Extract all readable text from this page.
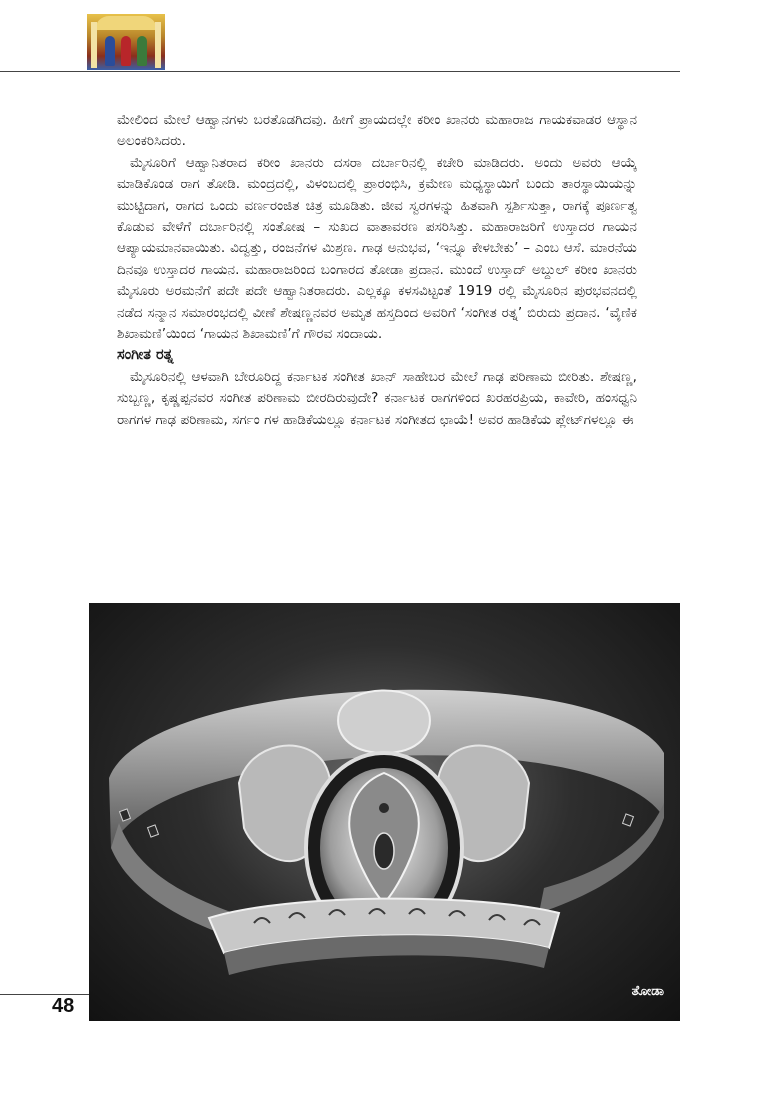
ಮೇಲಿಂದ ಮೇಲೆ ಆಹ್ವಾನಗಳು ಬರತೊಡಗಿದವು. ಹೀಗೆ ಪ್ರಾಯದಲ್ಲೇ ಕರೀಂ ಖಾನರು ಮಹಾರಾಜ ಗಾಯಕವಾಡರ ಆಸ್ಥಾನ ಅಲಂಕರಿಸಿದರು.

ಮೈಸೂರಿಗೆ ಆಹ್ವಾನಿತರಾದ ಕರೀಂ ಖಾನರು ದಸರಾ ದರ್ಬಾರಿನಲ್ಲಿ ಕಚೇರಿ ಮಾಡಿದರು. ಅಂದು ಅವರು ಆಯ್ಕೆ ಮಾಡಿಕೊಂಡ ರಾಗ ತೋಡಿ. ಮಂದ್ರದಲ್ಲಿ, ವಿಳಂಬದಲ್ಲಿ ಪ್ರಾರಂಭಿಸಿ, ಕ್ರಮೇಣ ಮಧ್ಯಸ್ಥಾಯಿಗೆ ಬಂದು ತಾರಸ್ಥಾಯಿಯನ್ನು ಮುಟ್ಟಿದಾಗ, ರಾಗದ ಒಂದು ವರ್ಣರಂಜಿತ ಚಿತ್ರ ಮೂಡಿತು. ಜೀವ ಸ್ವರಗಳನ್ನು ಹಿತವಾಗಿ ಸ್ಪರ್ಶಿಸುತ್ತಾ, ರಾಗಕ್ಕೆ ಪೂರ್ಣತ್ವ ಕೊಡುವ ವೇಳೆಗೆ ದರ್ಬಾರಿನಲ್ಲಿ ಸಂತೋಷ – ಸುಖದ ವಾತಾವರಣ ಪಸರಿಸಿತ್ತು. ಮಹಾರಾಜರಿಗೆ ಉಸ್ತಾದರ ಗಾಯನ ಆಪ್ಯಾಯಮಾನವಾಯಿತು. ವಿದ್ವತ್ತು, ರಂಜನೆಗಳ ಮಿಶ್ರಣ. ಗಾಢ ಅನುಭವ, ‘ಇನ್ನೂ ಕೇಳಬೇಕು’ – ಎಂಬ ಆಸೆ. ಮಾರನೆಯ ದಿನವೂ ಉಸ್ತಾದರ ಗಾಯನ. ಮಹಾರಾಜರಿಂದ ಬಂಗಾರದ ತೋಡಾ ಪ್ರದಾನ. ಮುಂದೆ ಉಸ್ತಾದ್ ಅಬ್ದುಲ್ ಕರೀಂ ಖಾನರು ಮೈಸೂರು ಅರಮನೆಗೆ ಪದೇ ಪದೇ ಆಹ್ವಾನಿತರಾದರು. ಎಲ್ಲಕ್ಕೂ ಕಳಸವಿಟ್ಟಂತೆ 1919 ರಲ್ಲಿ ಮೈಸೂರಿನ ಪುರಭವನದಲ್ಲಿ ನಡೆದ ಸನ್ಮಾನ ಸಮಾರಂಭದಲ್ಲಿ ವೀಣೆ ಶೇಷಣ್ಣನವರ ಅಮೃತ ಹಸ್ತದಿಂದ ಅವರಿಗೆ ‘ಸಂಗೀತ ರತ್ನ’ ಬಿರುದು ಪ್ರದಾನ. ‘ವೈಣಿಕ ಶಿಖಾಮಣಿ’ಯಿಂದ ‘ಗಾಯನ ಶಿಖಾಮಣಿ’ಗೆ ಗೌರವ ಸಂದಾಯ.

ಸಂಗೀತ ರತ್ನ

ಮೈಸೂರಿನಲ್ಲಿ ಆಳವಾಗಿ ಬೇರೂರಿದ್ದ ಕರ್ನಾಟಕ ಸಂಗೀತ ಖಾನ್ ಸಾಹೇಬರ ಮೇಲೆ ಗಾಢ ಪರಿಣಾಮ ಬೀರಿತು. ಶೇಷಣ್ಣ, ಸುಬ್ಬಣ್ಣ, ಕೃಷ್ಣಪ್ಪನವರ ಸಂಗೀತ ಪರಿಣಾಮ ಬೀರದಿರುವುದೇ? ಕರ್ನಾಟಕ ರಾಗಗಳಿಂದ ಖರಹರಪ್ರಿಯ, ಕಾವೇರಿ, ಹಂಸಧ್ವನಿ ರಾಗಗಳ ಗಾಢ ಪರಿಣಾಮ, ಸರ್ಗಂ ಗಳ ಹಾಡಿಕೆಯಲ್ಲೂ ಕರ್ನಾಟಕ ಸಂಗೀತದ ಛಾಯೆ! ಅವರ ಹಾಡಿಕೆಯ ಪ್ಲೇಟ್‌ಗಳಲ್ಲೂ ಈ

ತೋಡಾ
48
